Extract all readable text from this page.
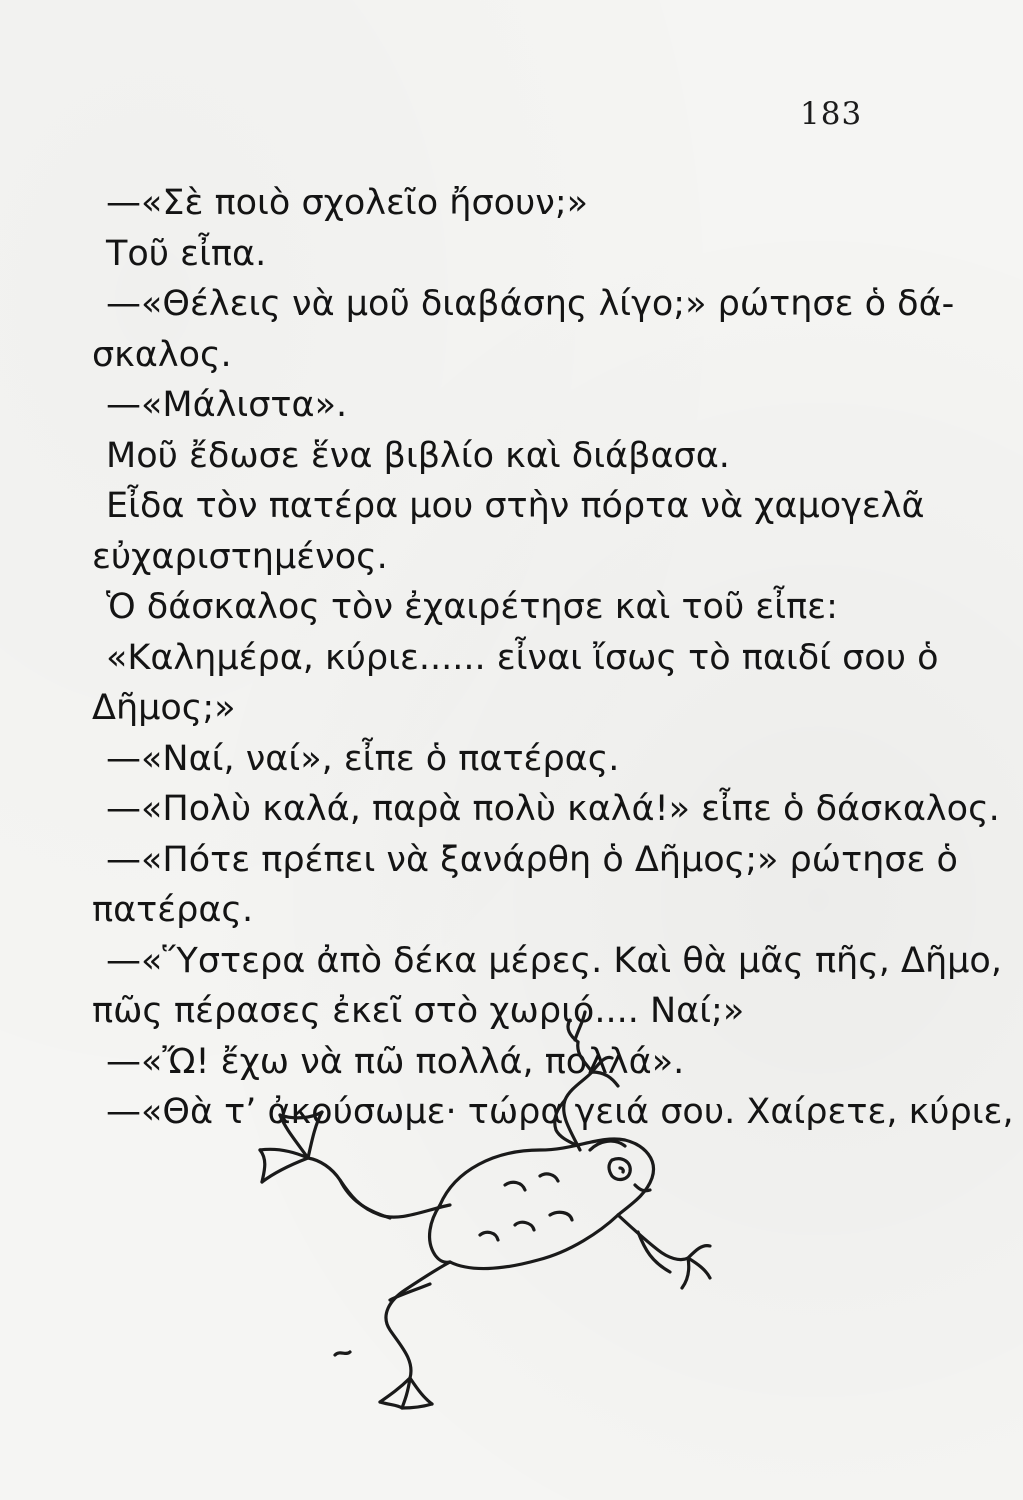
183
—«Σὲ ποιὸ σχολεῖο ἤσουν;»
Τοῦ εἶπα.
—«Θέλεις νὰ μοῦ διαβάσης λίγο;» ρώτησε ὁ δά-
σκαλος.
—«Μάλιστα».
Μοῦ ἔδωσε ἕνα βιβλίο καὶ διάβασα.
Εἶδα τὸν πατέρα μου στὴν πόρτα νὰ χαμογελᾶ
εὐχαριστημένος.
Ὁ δάσκαλος τὸν ἐχαιρέτησε καὶ τοῦ εἶπε:
«Καλημέρα, κύριε...... εἶναι ἴσως τὸ παιδί σου ὁ
Δῆμος;»
—«Ναί, ναί», εἶπε ὁ πατέρας.
—«Πολὺ καλά, παρὰ πολὺ καλά!» εἶπε ὁ δάσκαλος.
—«Πότε πρέπει νὰ ξανάρθη ὁ Δῆμος;» ρώτησε ὁ
πατέρας.
—«Ὕστερα ἀπὸ δέκα μέρες. Καὶ θὰ μᾶς πῆς, Δῆμο,
πῶς πέρασες ἐκεῖ στὸ χωριό.... Ναί;»
—«Ὤ! ἔχω νὰ πῶ πολλά, πολλά».
—«Θὰ τ’ ἀκούσωμε· τώρα γειά σου. Χαίρετε, κύριε,
